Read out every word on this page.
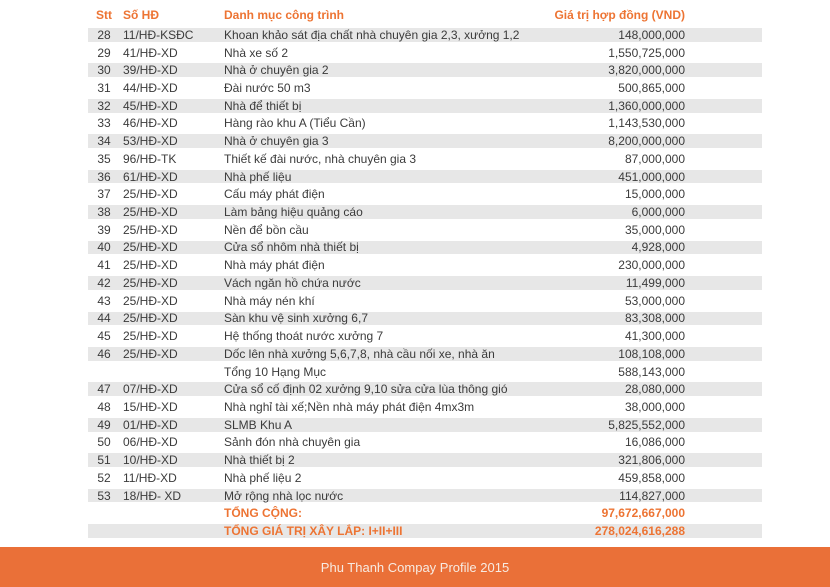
Stt Số HĐ	Danh mục công trình	Giá trị hợp đồng (VND)
28	11/HĐ-KSĐC	Khoan khảo sát địa chất nhà chuyên gia 2,3, xưởng 1,2	148,000,000
29	41/HĐ-XD	Nhà xe số 2	1,550,725,000
30	39/HĐ-XD	Nhà ở chuyên gia 2	3,820,000,000
31	44/HĐ-XD	Đài nước 50 m3	500,865,000
32	45/HĐ-XD	Nhà để thiết bị	1,360,000,000
33	46/HĐ-XD	Hàng rào khu A (Tiểu Cần)	1,143,530,000
34	53/HĐ-XD	Nhà ở chuyên gia 3	8,200,000,000
35	96/HĐ-TK	Thiết kế đài nước, nhà chuyên gia 3	87,000,000
36	61/HĐ-XD	Nhà phế liệu	451,000,000
37	25/HĐ-XD	Cấu máy phát điện	15,000,000
38	25/HĐ-XD	Làm bảng hiệu quảng cáo	6,000,000
39	25/HĐ-XD	Nền để bồn cầu	35,000,000
40	25/HĐ-XD	Cửa sổ nhôm nhà thiết bị	4,928,000
41	25/HĐ-XD	Nhà máy phát điện	230,000,000
42	25/HĐ-XD	Vách ngăn hồ chứa nước	11,499,000
43	25/HĐ-XD	Nhà máy nén khí	53,000,000
44	25/HĐ-XD	Sàn khu vệ sinh xưởng 6,7	83,308,000
45	25/HĐ-XD	Hệ thống thoát nước xưởng 7	41,300,000
46	25/HĐ-XD	Dốc lên nhà xưởng 5,6,7,8, nhà cầu nối xe, nhà ăn	108,108,000
Tổng 10 Hạng Mục	588,143,000
47	07/HĐ-XD	Cửa sổ cố định 02 xưởng 9,10 sửa cửa lùa thông gió	28,080,000
48	15/HĐ-XD	Nhà nghỉ tài xế;Nền nhà máy phát điện 4mx3m	38,000,000
49	01/HĐ-XD	SLMB Khu A	5,825,552,000
50	06/HĐ-XD	Sảnh đón nhà chuyên gia	16,086,000
51	10/HĐ-XD	Nhà thiết bị 2	321,806,000
52	11/HĐ-XD	Nhà phế liệu 2	459,858,000
53	18/HĐ- XD	Mở rộng nhà lọc nước	114,827,000
TỔNG CỘNG:	97,672,667,000
TỔNG GIÁ TRỊ XÂY LẮP: I+II+III	278,024,616,288
Phu Thanh Compay Profile 2015
